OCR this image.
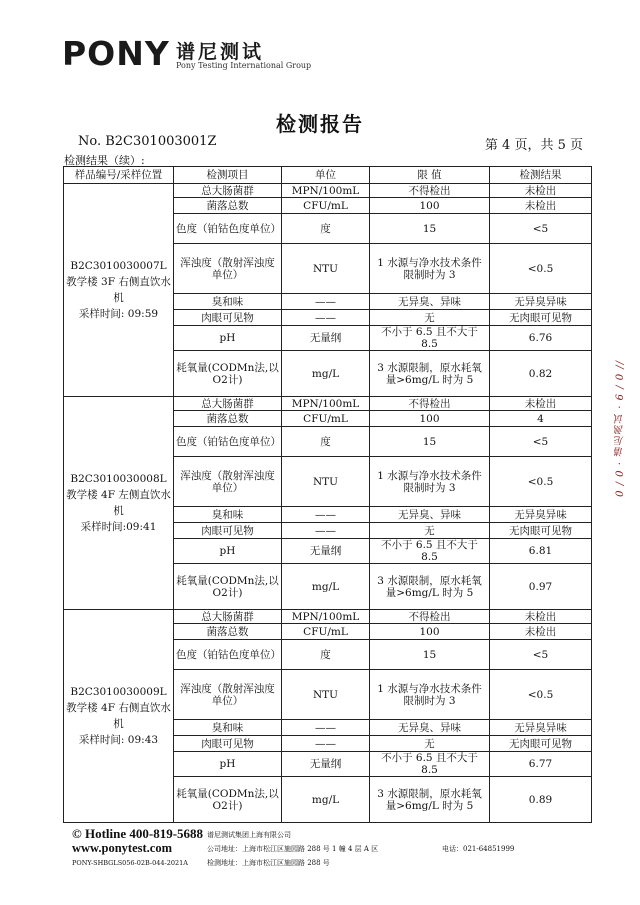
PONY 谱尼测试
Pony Testing International Group
检测报告
No. B2C301003001Z	第 4 页，共 5 页
检测结果（续）:
样品编号/采样位置	检测项目	单位	限 值	检测结果

B2C3010030007L
教学楼 3F 右侧直饮水机
采样时间: 09:59	总大肠菌群	MPN/100mL	不得检出	未检出
	菌落总数	CFU/mL	100	未检出
	色度（铂钴色度单位）	度	15	<5
	浑浊度（散射浑浊度单位）	NTU	1 水源与净水技术条件限制时为 3	<0.5
	臭和味	——	无异臭、异味	无异臭异味
	肉眼可见物	——	无	无肉眼可见物
	pH	无量纲	不小于 6.5 且不大于 8.5	6.76
	耗氧量(CODMn法,以O2计)	mg/L	3 水源限制，原水耗氧量>6mg/L 时为 5	0.82

B2C3010030008L
教学楼 4F 左侧直饮水机
采样时间:09:41	总大肠菌群	MPN/100mL	不得检出	未检出
	菌落总数	CFU/mL	100	4
	色度（铂钴色度单位）	度	15	<5
	浑浊度（散射浑浊度单位）	NTU	1 水源与净水技术条件限制时为 3	<0.5
	臭和味	——	无异臭、异味	无异臭异味
	肉眼可见物	——	无	无肉眼可见物
	pH	无量纲	不小于 6.5 且不大于 8.5	6.81
	耗氧量(CODMn法,以O2计)	mg/L	3 水源限制，原水耗氧量>6mg/L 时为 5	0.97

B2C3010030009L
教学楼 4F 右侧直饮水机
采样时间: 09:43	总大肠菌群	MPN/100mL	不得检出	未检出
	菌落总数	CFU/mL	100	未检出
	色度（铂钴色度单位）	度	15	<5
	浑浊度（散射浑浊度单位）	NTU	1 水源与净水技术条件限制时为 3	<0.5
	臭和味	——	无异臭、异味	无异臭异味
	肉眼可见物	——	无	无肉眼可见物
	pH	无量纲	不小于 6.5 且不大于 8.5	6.77
	耗氧量(CODMn法,以O2计)	mg/L	3 水源限制，原水耗氧量>6mg/L 时为 5	0.89
0 / 0 · 谱尼测试 · 6 / 0 //
© Hotline 400-819-5688
www.ponytest.com
PONY-SHBGLS056-02B-044-2021A
谱尼测试集团上海有限公司
公司地址：上海市松江区施园路 288 号 1 幢 4 层 A 区
检测地址：上海市松江区施园路 288 号
电话：021-64851999
